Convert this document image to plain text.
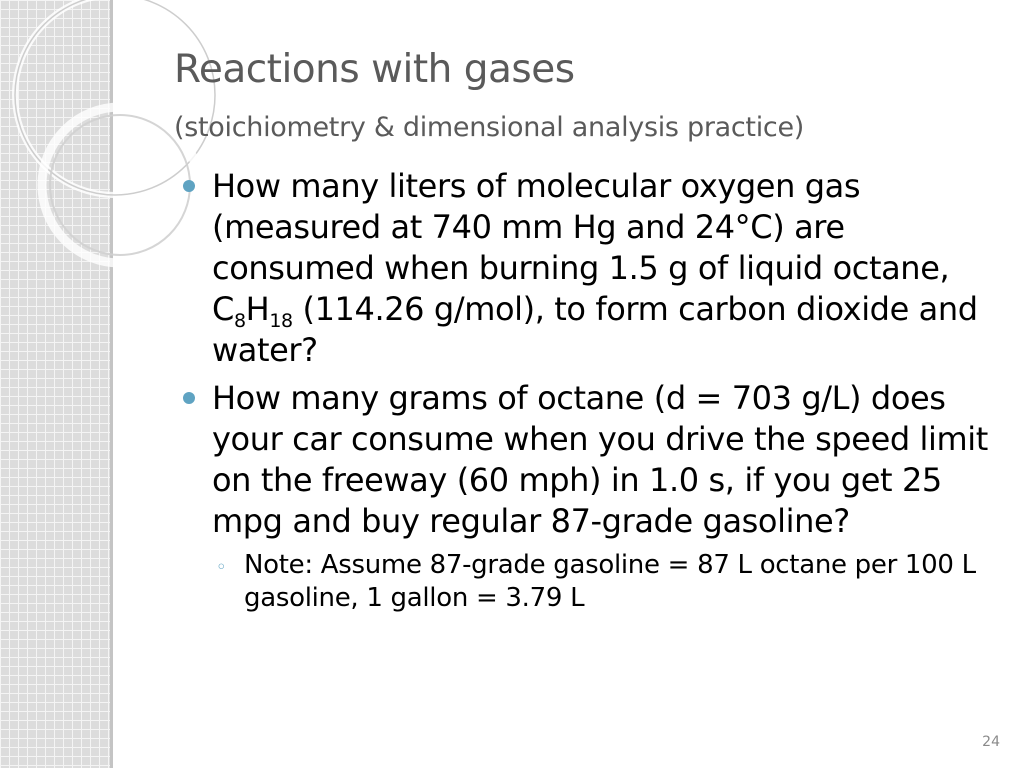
Reactions with gases
(stoichiometry & dimensional analysis practice)
How many liters of molecular oxygen gas (measured at 740 mm Hg and 24°C) are consumed when burning 1.5 g of liquid octane, $C_8H_{18}$ (114.26 g/mol), to form carbon dioxide and water?
How many grams of octane (d = 703 g/L) does your car consume when you drive the speed limit on the freeway (60 mph) in 1.0 s, if you get 25 mpg and buy regular 87-grade gasoline?
◦ Note: Assume 87-grade gasoline = 87 L octane per 100 L gasoline, 1 gallon = 3.79 L
24
